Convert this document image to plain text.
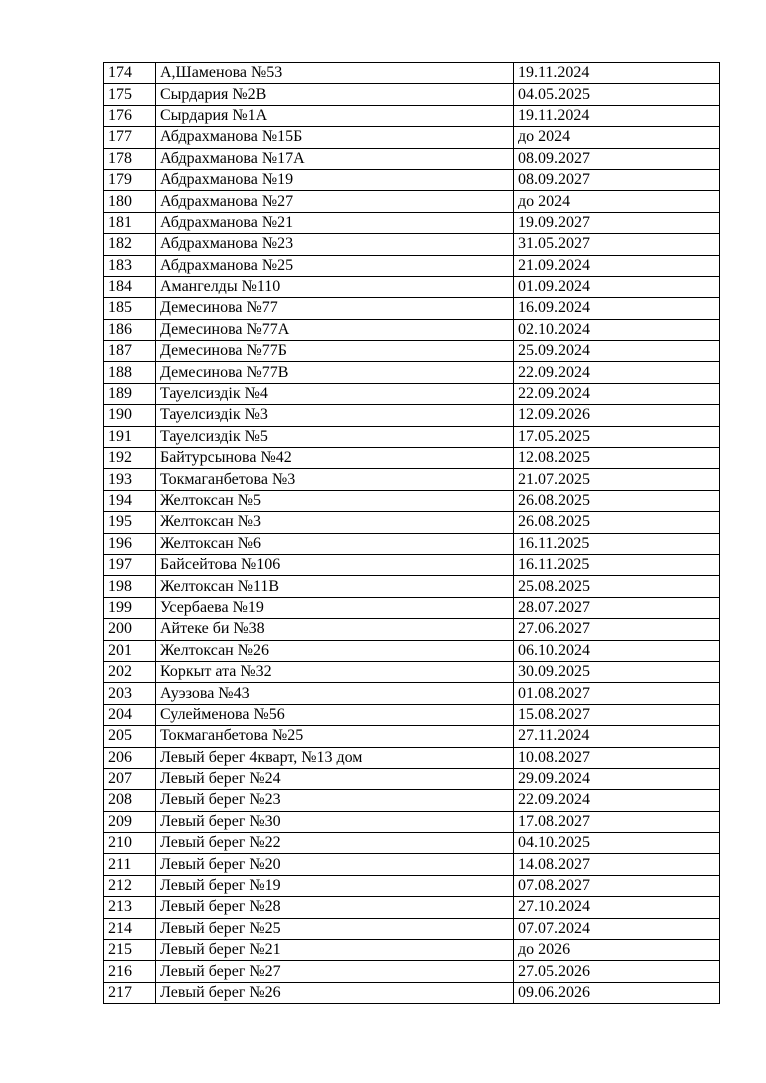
174	А,Шаменова №53	19.11.2024
175	Сырдария №2В	04.05.2025
176	Сырдария №1А	19.11.2024
177	Абдрахманова №15Б	до 2024
178	Абдрахманова №17А	08.09.2027
179	Абдрахманова №19	08.09.2027
180	Абдрахманова №27	до 2024
181	Абдрахманова №21	19.09.2027
182	Абдрахманова №23	31.05.2027
183	Абдрахманова №25	21.09.2024
184	Амангелды №110	01.09.2024
185	Демесинова №77	16.09.2024
186	Демесинова №77А	02.10.2024
187	Демесинова №77Б	25.09.2024
188	Демесинова №77В	22.09.2024
189	Тауелсиздік №4	22.09.2024
190	Тауелсиздік №3	12.09.2026
191	Тауелсиздік №5	17.05.2025
192	Байтурсынова №42	12.08.2025
193	Токмаганбетова №3	21.07.2025
194	Желтоксан №5	26.08.2025
195	Желтоксан №3	26.08.2025
196	Желтоксан №6	16.11.2025
197	Байсейтова №106	16.11.2025
198	Желтоксан №11В	25.08.2025
199	Усербаева №19	28.07.2027
200	Айтеке би №38	27.06.2027
201	Желтоксан №26	06.10.2024
202	Коркыт ата №32	30.09.2025
203	Ауэзова №43	01.08.2027
204	Сулейменова №56	15.08.2027
205	Токмаганбетова №25	27.11.2024
206	Левый берег 4кварт, №13 дом	10.08.2027
207	Левый берег №24	29.09.2024
208	Левый берег №23	22.09.2024
209	Левый берег №30	17.08.2027
210	Левый берег №22	04.10.2025
211	Левый берег №20	14.08.2027
212	Левый берег №19	07.08.2027
213	Левый берег №28	27.10.2024
214	Левый берег №25	07.07.2024
215	Левый берег №21	до 2026
216	Левый берег №27	27.05.2026
217	Левый берег №26	09.06.2026
